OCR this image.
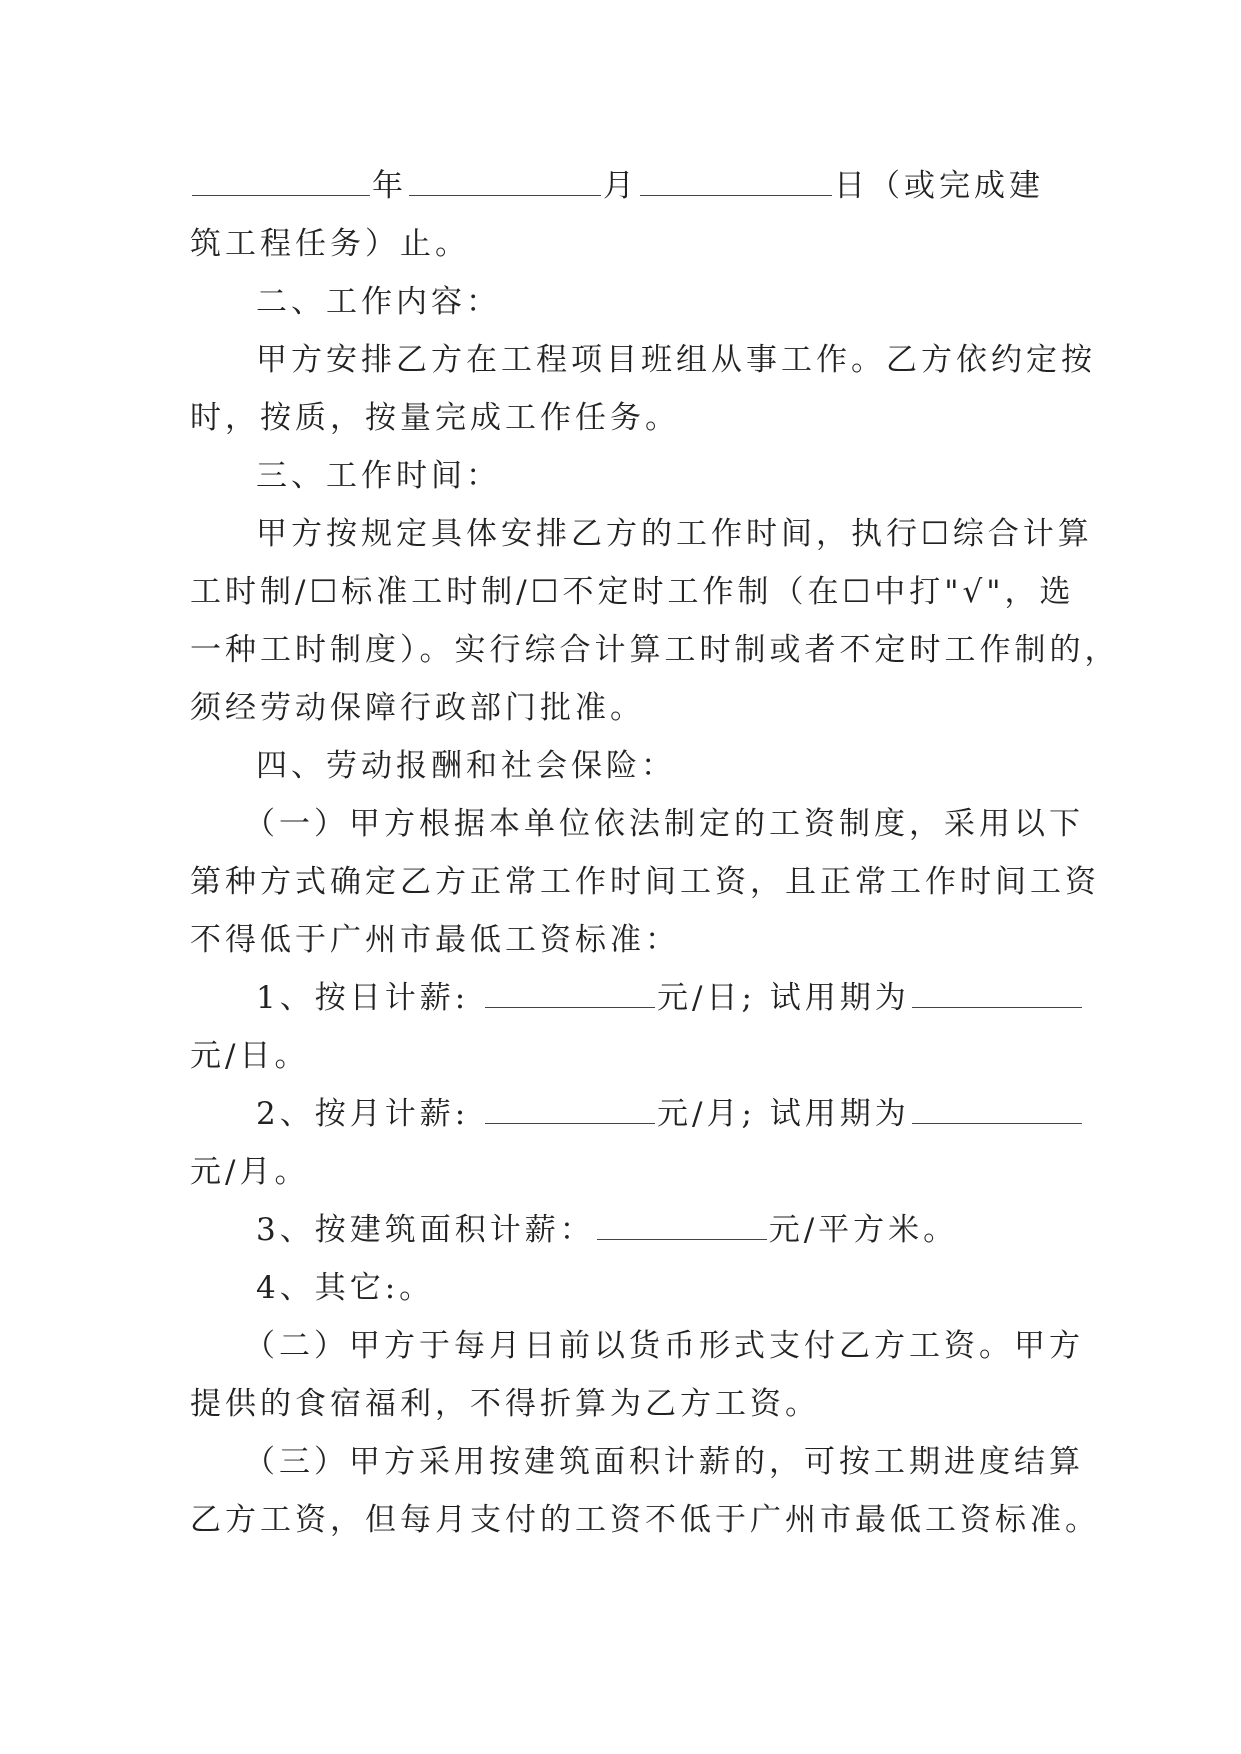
年	月	日（或完成建
筑工程任务）止。
二、工作内容：
甲方安排乙方在工程项目班组从事工作。乙方依约定按
时，按质，按量完成工作任务。
三、工作时间：
甲方按规定具体安排乙方的工作时间，执行☐综合计算
工时制/☐标准工时制/☐不定时工作制（在☐中打"√"，选
一种工时制度）。实行综合计算工时制或者不定时工作制的，
须经劳动保障行政部门批准。
四、劳动报酬和社会保险：
（一）甲方根据本单位依法制定的工资制度，采用以下
第种方式确定乙方正常工作时间工资，且正常工作时间工资
不得低于广州市最低工资标准：
1、按日计薪:	元/日; 试用期为
元/日。
2、按月计薪:	元/月; 试用期为
元/月。
3、按建筑面积计薪：	元/平方米。
4、其它:。
（二）甲方于每月日前以货币形式支付乙方工资。甲方
提供的食宿福利，不得折算为乙方工资。
（三）甲方采用按建筑面积计薪的，可按工期进度结算
乙方工资，但每月支付的工资不低于广州市最低工资标准。
